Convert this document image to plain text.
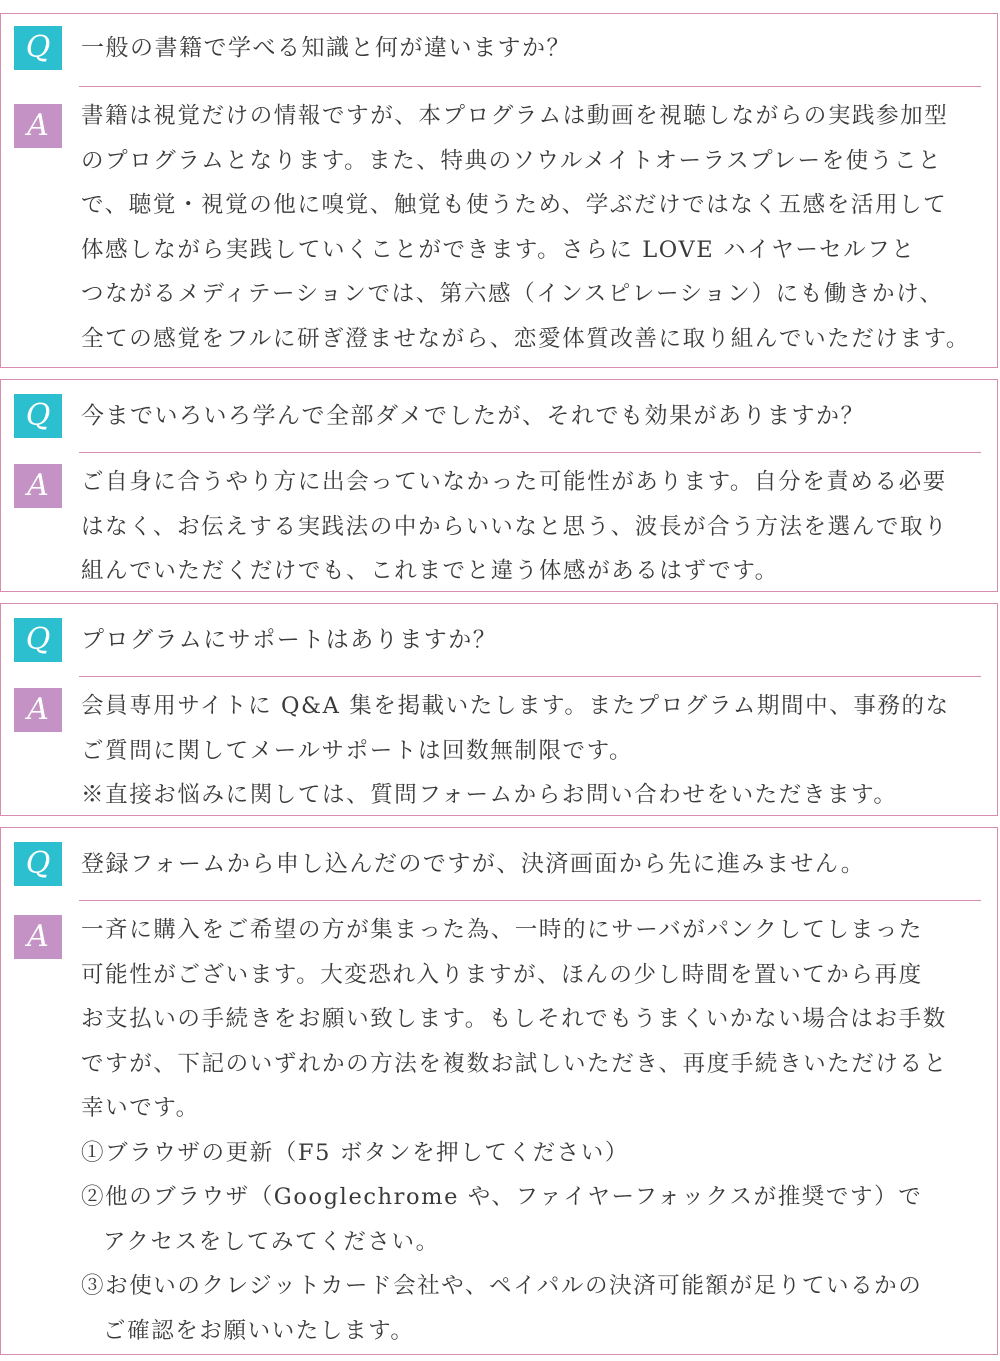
Q	一般の書籍で学べる知識と何が違いますか？
A	書籍は視覚だけの情報ですが、本プログラムは動画を視聴しながらの実践参加型
のプログラムとなります。また、特典のソウルメイトオーラスプレーを使うこと
で、聴覚・視覚の他に嗅覚、触覚も使うため、学ぶだけではなく五感を活用して
体感しながら実践していくことができます。さらに LOVE ハイヤーセルフと
つながるメディテーションでは、第六感（インスピレーション）にも働きかけ、
全ての感覚をフルに研ぎ澄ませながら、恋愛体質改善に取り組んでいただけます。
Q	今までいろいろ学んで全部ダメでしたが、それでも効果がありますか？
A	ご自身に合うやり方に出会っていなかった可能性があります。自分を責める必要
はなく、お伝えする実践法の中からいいなと思う、波長が合う方法を選んで取り
組んでいただくだけでも、これまでと違う体感があるはずです。
Q	プログラムにサポートはありますか？
A	会員専用サイトに Q&A 集を掲載いたします。またプログラム期間中、事務的な
ご質問に関してメールサポートは回数無制限です。
※直接お悩みに関しては、質問フォームからお問い合わせをいただきます。
Q	登録フォームから申し込んだのですが、決済画面から先に進みません。
A	一斉に購入をご希望の方が集まった為、一時的にサーバがパンクしてしまった
可能性がございます。大変恐れ入りますが、ほんの少し時間を置いてから再度
お支払いの手続きをお願い致します。もしそれでもうまくいかない場合はお手数
ですが、下記のいずれかの方法を複数お試しいただき、再度手続きいただけると
幸いです。
①ブラウザの更新（F5 ボタンを押してください）
②他のブラウザ（Googlechrome や、ファイヤーフォックスが推奨です）で
アクセスをしてみてください。
③お使いのクレジットカード会社や、ペイパルの決済可能額が足りているかの
ご確認をお願いいたします。
